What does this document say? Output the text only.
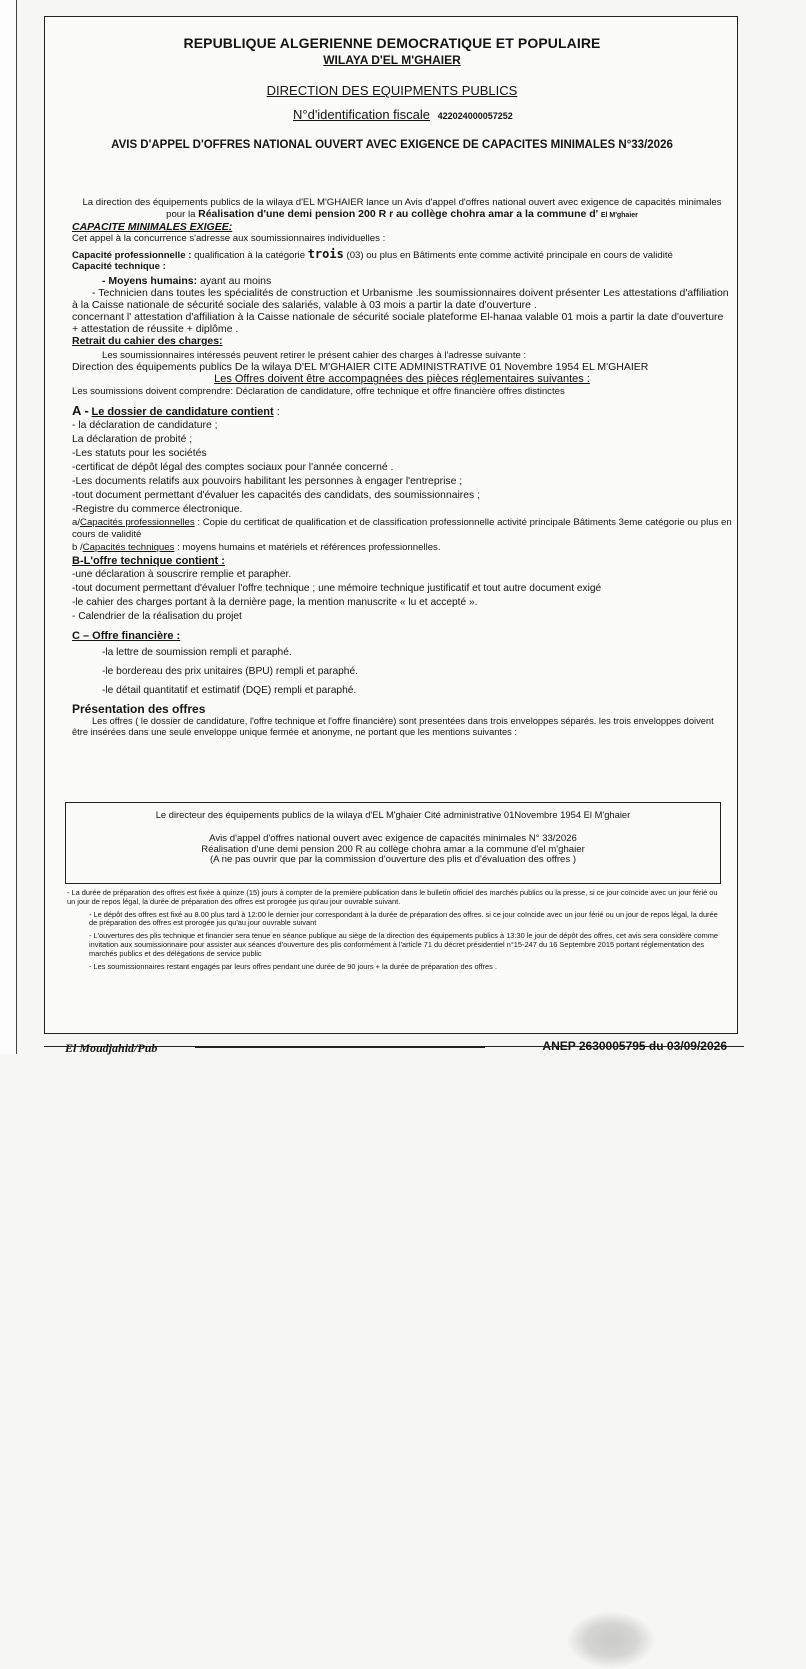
REPUBLIQUE ALGERIENNE DEMOCRATIQUE ET POPULAIRE
WILAYA D'EL M'GHAIER
DIRECTION DES EQUIPMENTS PUBLICS
N°d'identification fiscale 422024000057252
AVIS D'APPEL D'OFFRES NATIONAL OUVERT AVEC EXIGENCE DE CAPACITES MINIMALES N°33/2026

La direction des équipements publics de la wilaya d'EL M'GHAIER lance un Avis d'appel d'offres national ouvert avec exigence de capacités minimales pour la Réalisation d'une demi pension 200 R r au collège chohra amar a la commune d' El M'ghaier

CAPACITE MINIMALES EXIGEE:

Cet appel à la concurrence s'adresse aux soumissionnaires individuelles :

Capacité professionnelle : qualification à la catégorie trois (03) ou plus en Bâtiments ente comme activité principale en cours de validité

Capacité technique :

- Moyens humains: ayant au moins

- Technicien dans toutes les spécialités de construction et Urbanisme .les soumissionnaires doivent présenter Les attestations d'affiliation à la Caisse nationale de sécurité sociale des salariés, valable à 03 mois a partir la date d'ouverture .

concernant l' attestation d'affiliation à la Caisse nationale de sécurité sociale plateforme El-hanaa valable 01 mois a partir la date d'ouverture + attestation de réussite + diplôme .

Retrait du cahier des charges:

Les soumissionnaires intéressés peuvent retirer le présent cahier des charges à l'adresse suivante :

Direction des équipements publics De la wilaya D'EL M'GHAIER CITE ADMINISTRATIVE 01 Novembre 1954 EL M'GHAIER

Les Offres doivent être accompagnées des pièces réglementaires suivantes :

Les soumissions doivent comprendre: Déclaration de candidature, offre technique et offre financière offres distinctes

A - Le dossier de candidature contient :

- la déclaration de candidature ;
La déclaration de probité ;
-Les statuts pour les sociétés
-certificat de dépôt légal des comptes sociaux pour l'année concerné .
-Les documents relatifs aux pouvoirs habilitant les personnes à engager l'entreprise ;
-tout document permettant d'évaluer les capacités des candidats, des soumissionnaires ;
-Registre du commerce électronique.

a/Capacités professionnelles : Copie du certificat de qualification et de classification professionnelle activité principale Bâtiments 3eme catégorie ou plus en cours de validité

b /Capacités techniques : moyens humains et matériels et références professionnelles.

B-L'offre technique contient :

-une déclaration à souscrire remplie et parapher.
-tout document permettant d'évaluer l'offre technique ; une mémoire technique justificatif et tout autre document exigé
-le cahier des charges portant à la dernière page, la mention manuscrite « lu et accepté ».
- Calendrier de la réalisation du projet

C – Offre financière :

-la lettre de soumission rempli et paraphé.
-le bordereau des prix unitaires (BPU) rempli et paraphé.
-le détail quantitatif et estimatif (DQE) rempli et paraphé.

Présentation des offres

Les offres ( le dossier de candidature, l'offre technique et l'offre financière) sont presentées dans trois enveloppes séparés. les trois enveloppes doivent être insérées dans une seule enveloppe unique fermée et anonyme, ne portant que les mentions suivantes :

Le directeur des équipements publics de la wilaya d'EL M'ghaier Cité administrative 01Novembre 1954 El M'ghaier
Avis d'appel d'offres national ouvert avec exigence de capacités minimales N° 33/2026
Réalisation d'une demi pension 200 R au collège chohra amar a la commune d'el m'ghaier
(A ne pas ouvrir que par la commission d'ouverture des plis et d'évaluation des offres )

- La durée de préparation des offres est fixée à quinze (15) jours à compter de la première publication dans le bulletin officiel des marchés publics ou la presse, si ce jour coïncide avec un jour férié ou un jour de repos légal, la durée de préparation des offres est prorogée jus qu'au jour ouvrable suivant.

- Le dépôt des offres est fixé au 8.00 plus tard à 12:00 le dernier jour correspondant à la durée de préparation des offres. si ce jour coïncide avec un jour férié ou un jour de repos légal, la durée de préparation des offres est prorogée jus qu'au jour ouvrable suivant

- L'ouvertures des plis technique et financier sera tenue en séance publique au siège de la direction des équipements publics à 13:30 le jour de dépôt des offres, cet avis sera considère comme invitation aux soumissionnaire pour assister aux séances d'ouverture des plis conformément à l'article 71 du décret présidentiel n°15-247 du 16 Septembre 2015 portant réglementation des marchés publics et des délégations de service public

- Les soumissionnaires restant engagés par leurs offres pendant une durée de 90 jours + la durée de préparation des offres .

El Moudjahid/Pub	ANEP 2630005795 du 03/09/2026
